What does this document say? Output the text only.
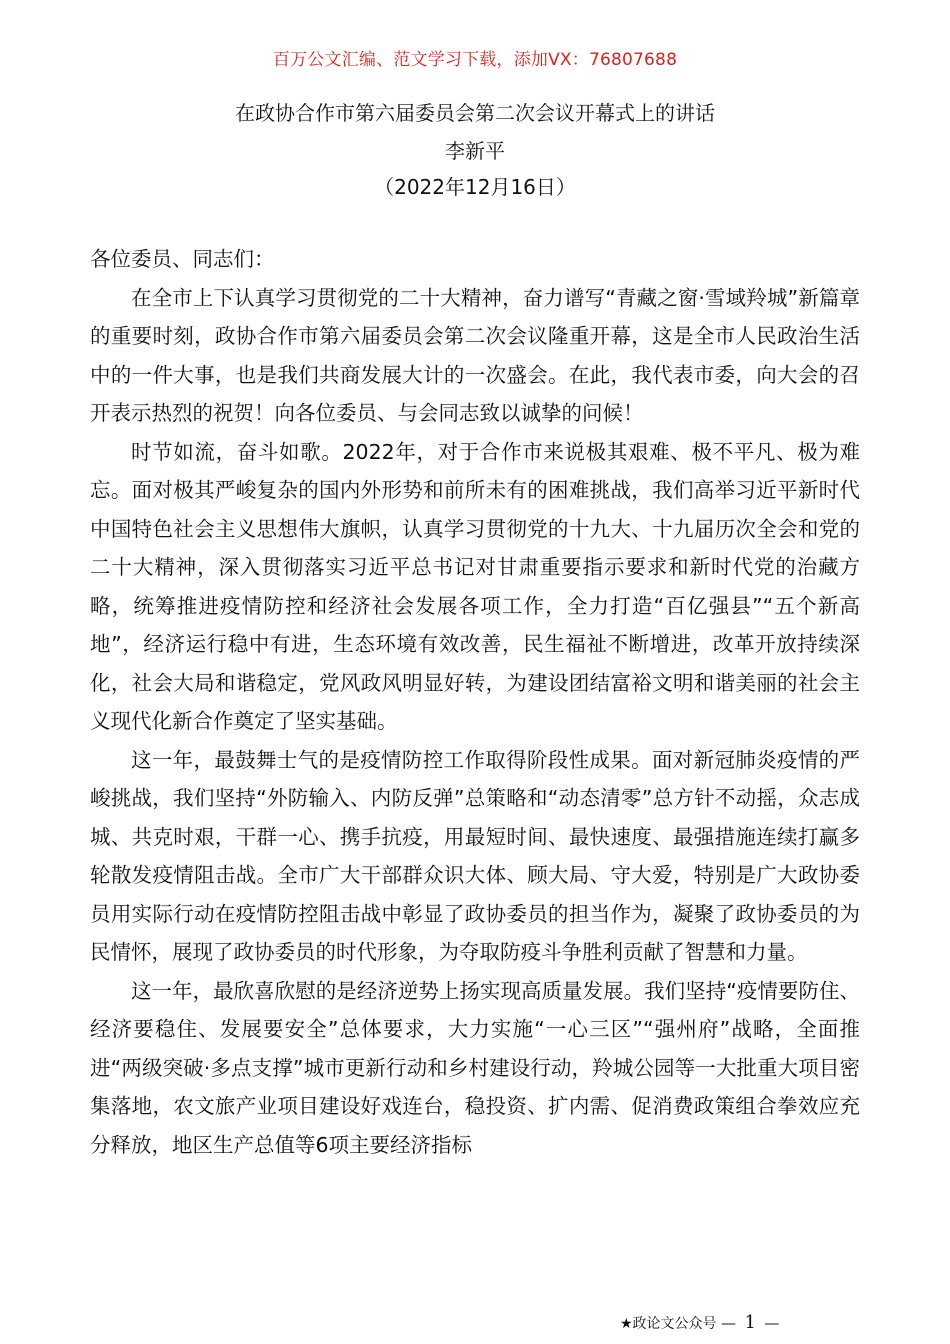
百万公文汇编、范文学习下载，添加VX：76807688
在政协合作市第六届委员会第二次会议开幕式上的讲话
李新平
（2022年12月16日）

各位委员、同志们：

在全市上下认真学习贯彻党的二十大精神，奋力谱写“青藏之窗·雪域羚城”新篇章的重要时刻，政协合作市第六届委员会第二次会议隆重开幕，这是全市人民政治生活中的一件大事，也是我们共商发展大计的一次盛会。在此，我代表市委，向大会的召开表示热烈的祝贺！向各位委员、与会同志致以诚挚的问候！

时节如流，奋斗如歌。2022年，对于合作市来说极其艰难、极不平凡、极为难忘。面对极其严峻复杂的国内外形势和前所未有的困难挑战，我们高举习近平新时代中国特色社会主义思想伟大旗帜，认真学习贯彻党的十九大、十九届历次全会和党的二十大精神，深入贯彻落实习近平总书记对甘肃重要指示要求和新时代党的治藏方略，统筹推进疫情防控和经济社会发展各项工作，全力打造“百亿强县”“五个新高地”，经济运行稳中有进，生态环境有效改善，民生福祉不断增进，改革开放持续深化，社会大局和谐稳定，党风政风明显好转，为建设团结富裕文明和谐美丽的社会主义现代化新合作奠定了坚实基础。

这一年，最鼓舞士气的是疫情防控工作取得阶段性成果。面对新冠肺炎疫情的严峻挑战，我们坚持“外防输入、内防反弹”总策略和“动态清零”总方针不动摇，众志成城、共克时艰，干群一心、携手抗疫，用最短时间、最快速度、最强措施连续打赢多轮散发疫情阻击战。全市广大干部群众识大体、顾大局、守大爱，特别是广大政协委员用实际行动在疫情防控阻击战中彰显了政协委员的担当作为，凝聚了政协委员的为民情怀，展现了政协委员的时代形象，为夺取防疫斗争胜利贡献了智慧和力量。

这一年，最欣喜欣慰的是经济逆势上扬实现高质量发展。我们坚持“疫情要防住、经济要稳住、发展要安全”总体要求，大力实施“一心三区”“强州府”战略，全面推进“两级突破·多点支撑”城市更新行动和乡村建设行动，羚城公园等一大批重大项目密集落地，农文旅产业项目建设好戏连台，稳投资、扩内需、促消费政策组合拳效应充分释放，地区生产总值等6项主要经济指标

★政论文公众号 — 1 —
